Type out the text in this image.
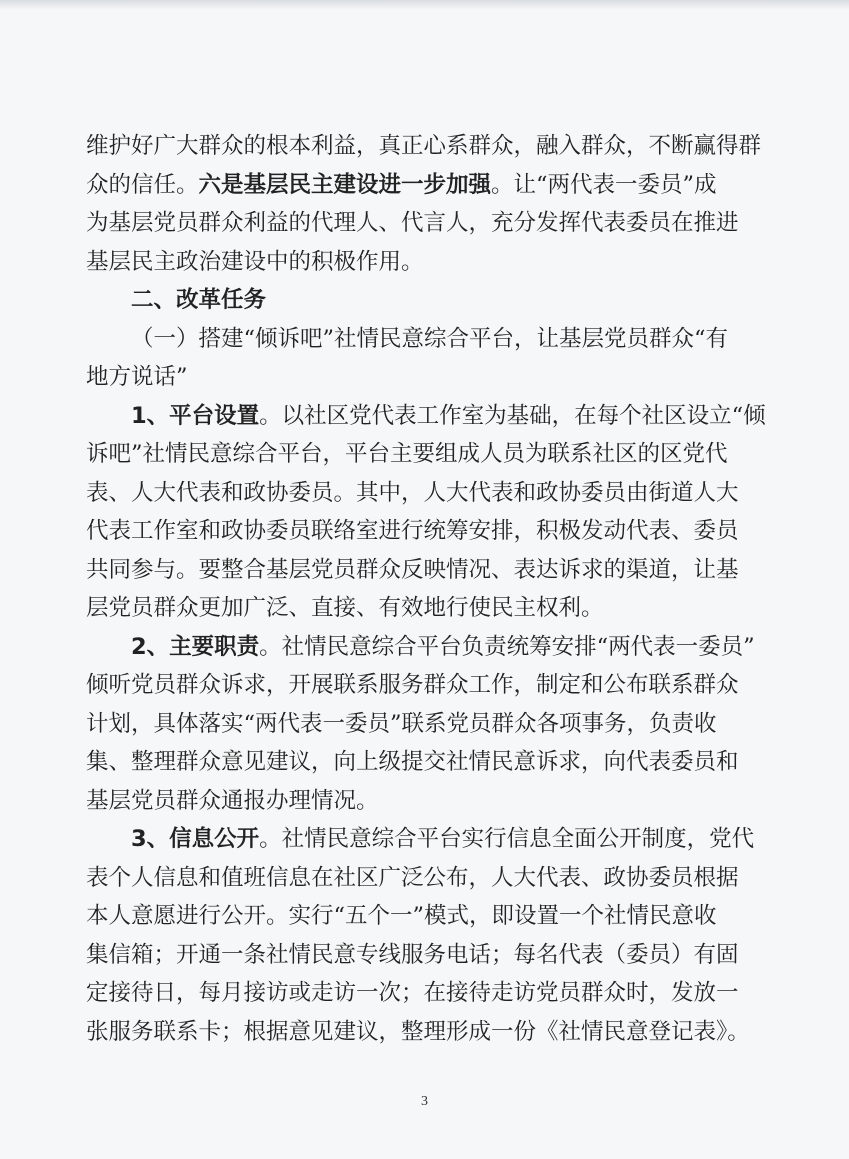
维护好广大群众的根本利益，真正心系群众，融入群众，不断赢得群
众的信任。六是基层民主建设进一步加强。让“两代表一委员”成
为基层党员群众利益的代理人、代言人，充分发挥代表委员在推进
基层民主政治建设中的积极作用。
二、改革任务
（一）搭建“倾诉吧”社情民意综合平台，让基层党员群众“有
地方说话”
1、平台设置。以社区党代表工作室为基础，在每个社区设立“倾
诉吧”社情民意综合平台，平台主要组成人员为联系社区的区党代
表、人大代表和政协委员。其中，人大代表和政协委员由街道人大
代表工作室和政协委员联络室进行统筹安排，积极发动代表、委员
共同参与。要整合基层党员群众反映情况、表达诉求的渠道，让基
层党员群众更加广泛、直接、有效地行使民主权利。
2、主要职责。社情民意综合平台负责统筹安排“两代表一委员”
倾听党员群众诉求，开展联系服务群众工作，制定和公布联系群众
计划，具体落实“两代表一委员”联系党员群众各项事务，负责收
集、整理群众意见建议，向上级提交社情民意诉求，向代表委员和
基层党员群众通报办理情况。
3、信息公开。社情民意综合平台实行信息全面公开制度，党代
表个人信息和值班信息在社区广泛公布，人大代表、政协委员根据
本人意愿进行公开。实行“五个一”模式，即设置一个社情民意收
集信箱；开通一条社情民意专线服务电话；每名代表（委员）有固
定接待日，每月接访或走访一次；在接待走访党员群众时，发放一
张服务联系卡；根据意见建议，整理形成一份《社情民意登记表》。
3
